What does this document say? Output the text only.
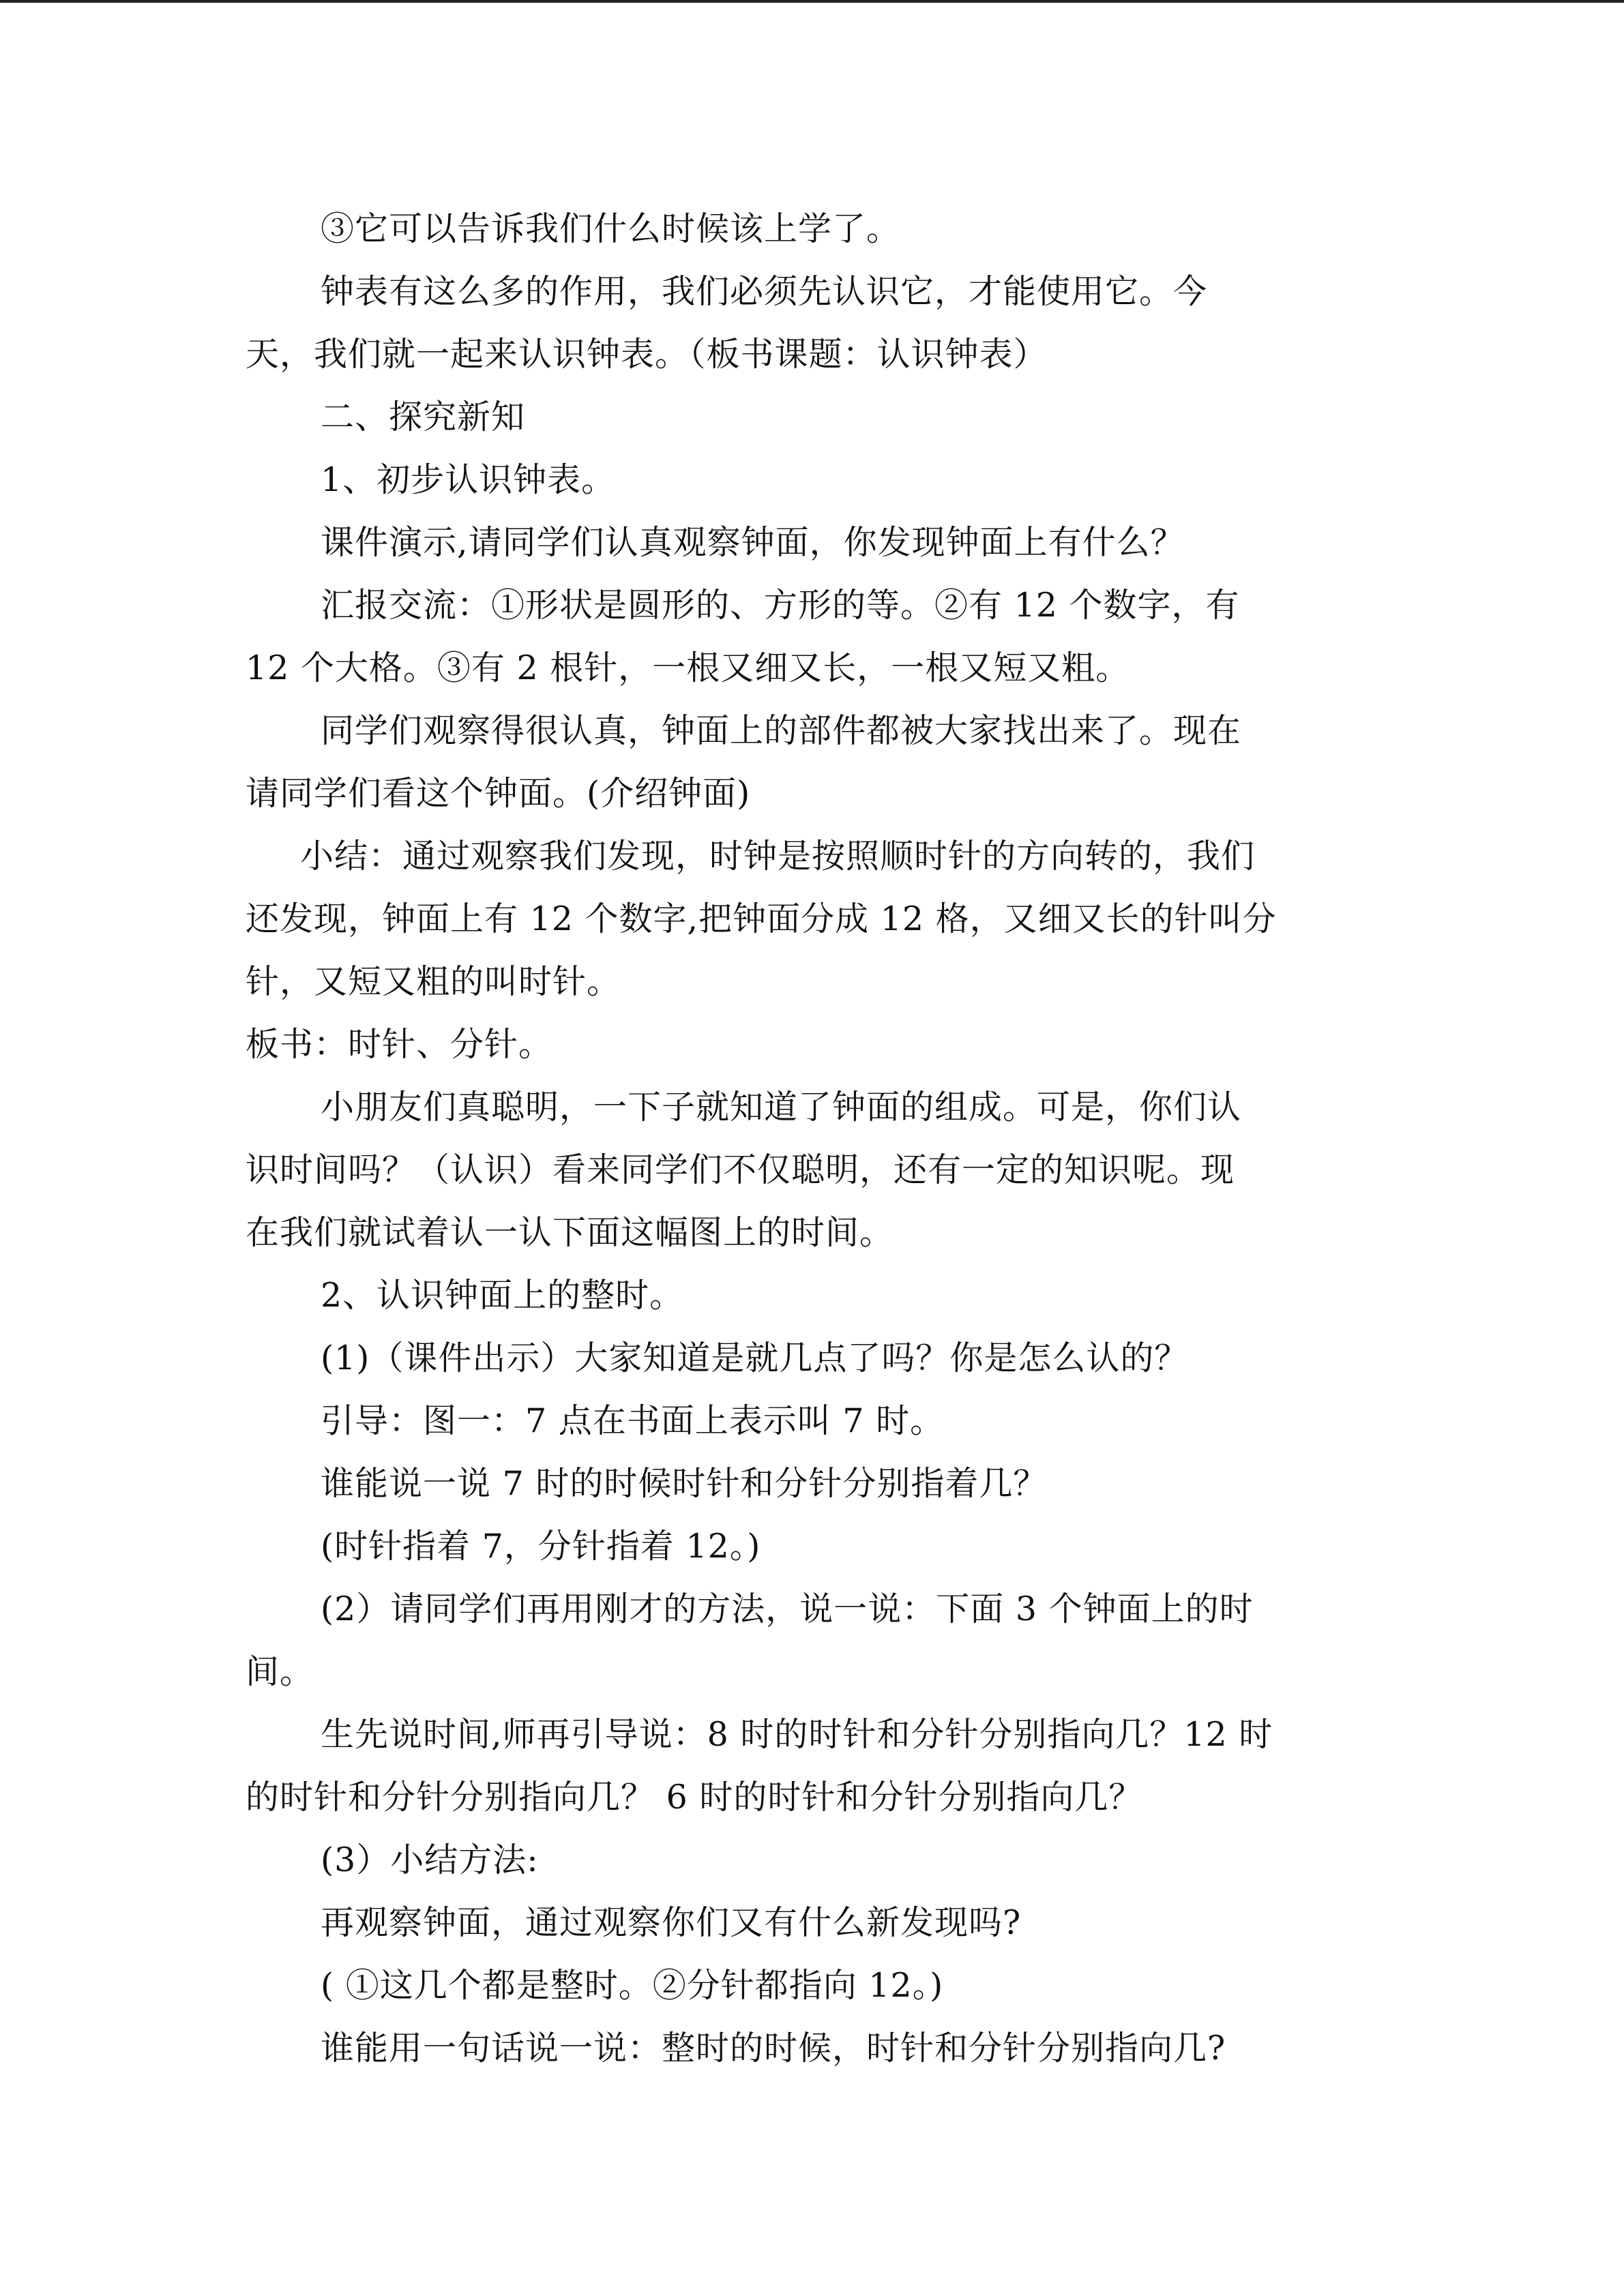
③它可以告诉我们什么时候该上学了。
钟表有这么多的作用，我们必须先认识它，才能使用它。今
天，我们就一起来认识钟表。（板书课题：认识钟表）
二、探究新知
1、初步认识钟表。
课件演示,请同学们认真观察钟面，你发现钟面上有什么？
汇报交流：①形状是圆形的、方形的等。②有 12 个数字，有
12 个大格。③有 2 根针，一根又细又长，一根又短又粗。
同学们观察得很认真，钟面上的部件都被大家找出来了。现在
请同学们看这个钟面。(介绍钟面)
小结：通过观察我们发现，时钟是按照顺时针的方向转的，我们
还发现，钟面上有 12 个数字,把钟面分成 12 格，又细又长的针叫分
针，又短又粗的叫时针。
板书：时针、分针。
小朋友们真聪明，一下子就知道了钟面的组成。可是，你们认
识时间吗？（认识）看来同学们不仅聪明，还有一定的知识呢。现
在我们就试着认一认下面这幅图上的时间。
2、认识钟面上的整时。
(1)（课件出示）大家知道是就几点了吗？你是怎么认的？
引导：图一：7 点在书面上表示叫 7 时。
谁能说一说 7 时的时候时针和分针分别指着几？
(时针指着 7，分针指着 12。)
(2）请同学们再用刚才的方法，说一说：下面 3 个钟面上的时
间。
生先说时间,师再引导说：8 时的时针和分针分别指向几？12 时
的时针和分针分别指向几？ 6 时的时针和分针分别指向几？
(3）小结方法:
再观察钟面，通过观察你们又有什么新发现吗?
( ①这几个都是整时。②分针都指向 12。)
谁能用一句话说一说：整时的时候，时针和分针分别指向几?
